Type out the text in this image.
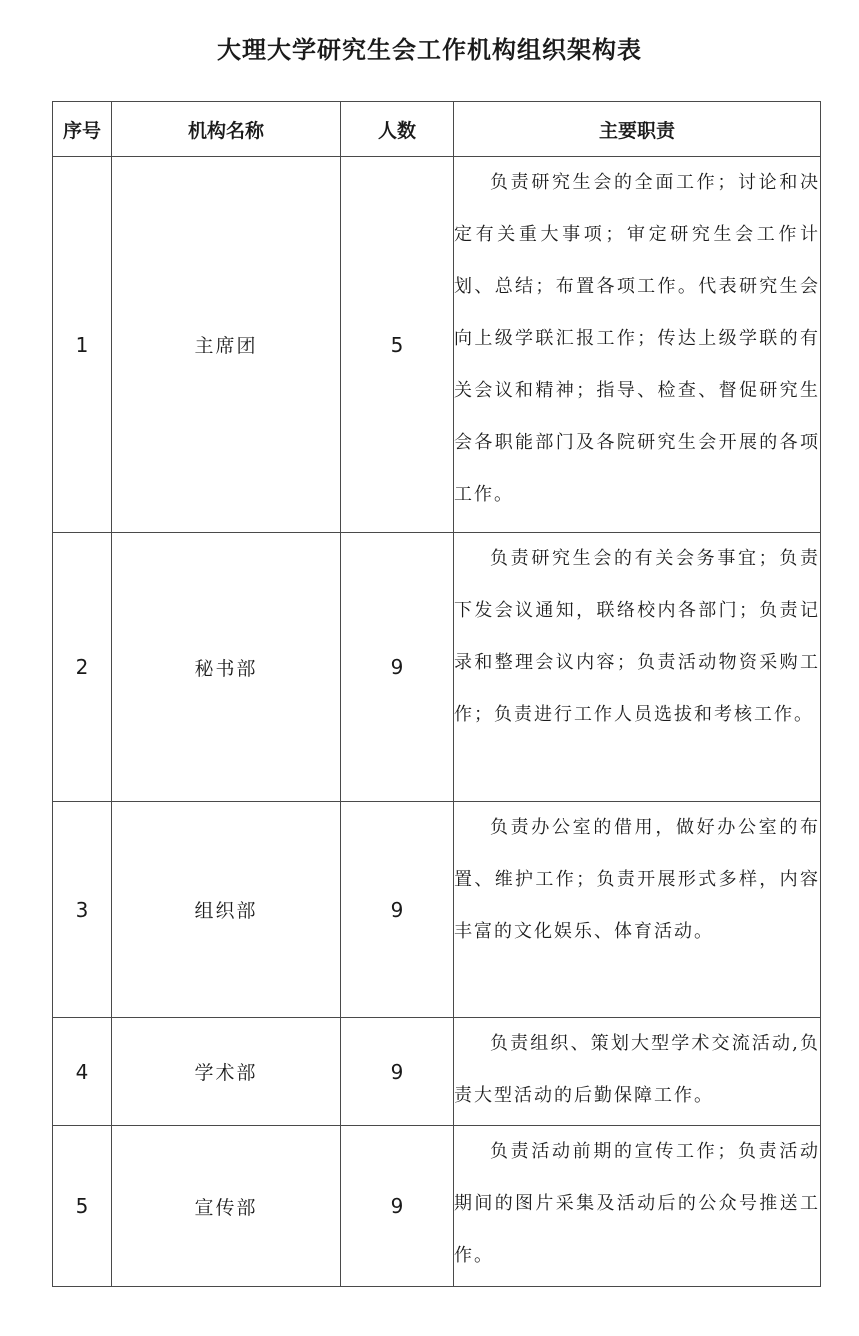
大理大学研究生会工作机构组织架构表
序号	机构名称	人数	主要职责
1	主席团	5	负责研究生会的全面工作；讨论和决定有关重大事项；审定研究生会工作计划、总结；布置各项工作。代表研究生会向上级学联汇报工作；传达上级学联的有关会议和精神；指导、检查、督促研究生会各职能部门及各院研究生会开展的各项工作。

2	秘书部	9	负责研究生会的有关会务事宜；负责下发会议通知，联络校内各部门；负责记录和整理会议内容；负责活动物资采购工作；负责进行工作人员选拔和考核工作。

3	组织部	9	负责办公室的借用，做好办公室的布置、维护工作；负责开展形式多样，内容丰富的文化娱乐、体育活动。

4	学术部	9	负责组织、策划大型学术交流活动,负责大型活动的后勤保障工作。

5	宣传部	9	负责活动前期的宣传工作；负责活动期间的图片采集及活动后的公众号推送工作。
